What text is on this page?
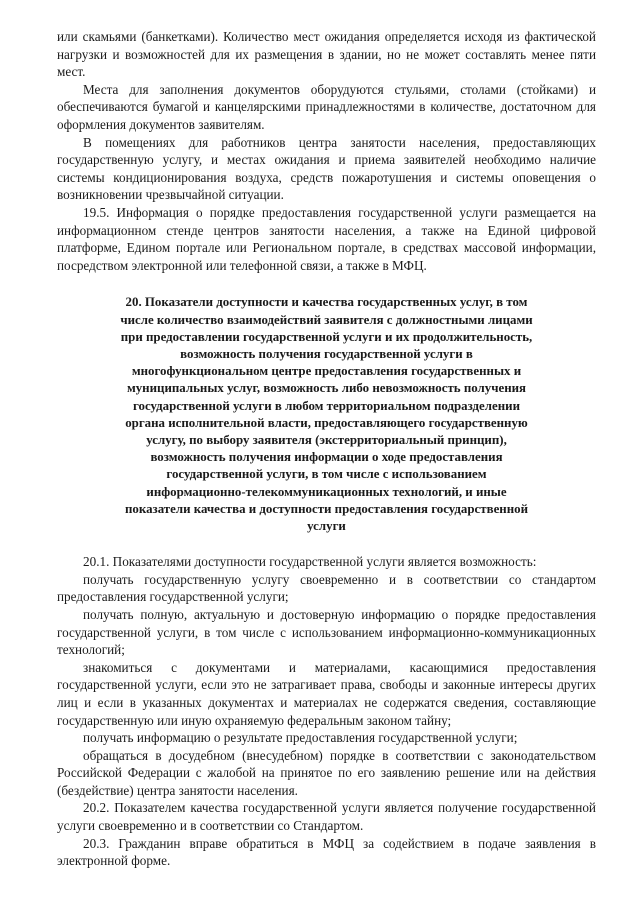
или скамьями (банкетками). Количество мест ожидания определяется исходя из фактической нагрузки и возможностей для их размещения в здании, но не может составлять менее пяти мест.

Места для заполнения документов оборудуются стульями, столами (стойками) и обеспечиваются бумагой и канцелярскими принадлежностями в количестве, достаточном для оформления документов заявителям.

В помещениях для работников центра занятости населения, предоставляющих государственную услугу, и местах ожидания и приема заявителей необходимо наличие системы кондиционирования воздуха, средств пожаротушения и системы оповещения о возникновении чрезвычайной ситуации.

19.5. Информация о порядке предоставления государственной услуги размещается на информационном стенде центров занятости населения, а также на Единой цифровой платформе, Едином портале или Региональном портале, в средствах массовой информации, посредством электронной или телефонной связи, а также в МФЦ.

20. Показатели доступности и качества государственных услуг, в том числе количество взаимодействий заявителя с должностными лицами при предоставлении государственной услуги и их продолжительность, возможность получения государственной услуги в многофункциональном центре предоставления государственных и муниципальных услуг, возможность либо невозможность получения государственной услуги в любом территориальном подразделении органа исполнительной власти, предоставляющего государственную услугу, по выбору заявителя (экстерриториальный принцип), возможность получения информации о ходе предоставления государственной услуги, в том числе с использованием информационно-телекоммуникационных технологий, и иные показатели качества и доступности предоставления государственной услуги

20.1. Показателями доступности государственной услуги является возможность:

получать государственную услугу своевременно и в соответствии со стандартом предоставления государственной услуги;

получать полную, актуальную и достоверную информацию о порядке предоставления государственной услуги, в том числе с использованием информационно-коммуникационных технологий;

знакомиться с документами и материалами, касающимися предоставления государственной услуги, если это не затрагивает права, свободы и законные интересы других лиц и если в указанных документах и материалах не содержатся сведения, составляющие государственную или иную охраняемую федеральным законом тайну;

получать информацию о результате предоставления государственной услуги;

обращаться в досудебном (внесудебном) порядке в соответствии с законодательством Российской Федерации с жалобой на принятое по его заявлению решение или на действия (бездействие) центра занятости населения.

20.2. Показателем качества государственной услуги является получение государственной услуги своевременно и в соответствии со Стандартом.

20.3. Гражданин вправе обратиться в МФЦ за содействием в подаче заявления в электронной форме.
